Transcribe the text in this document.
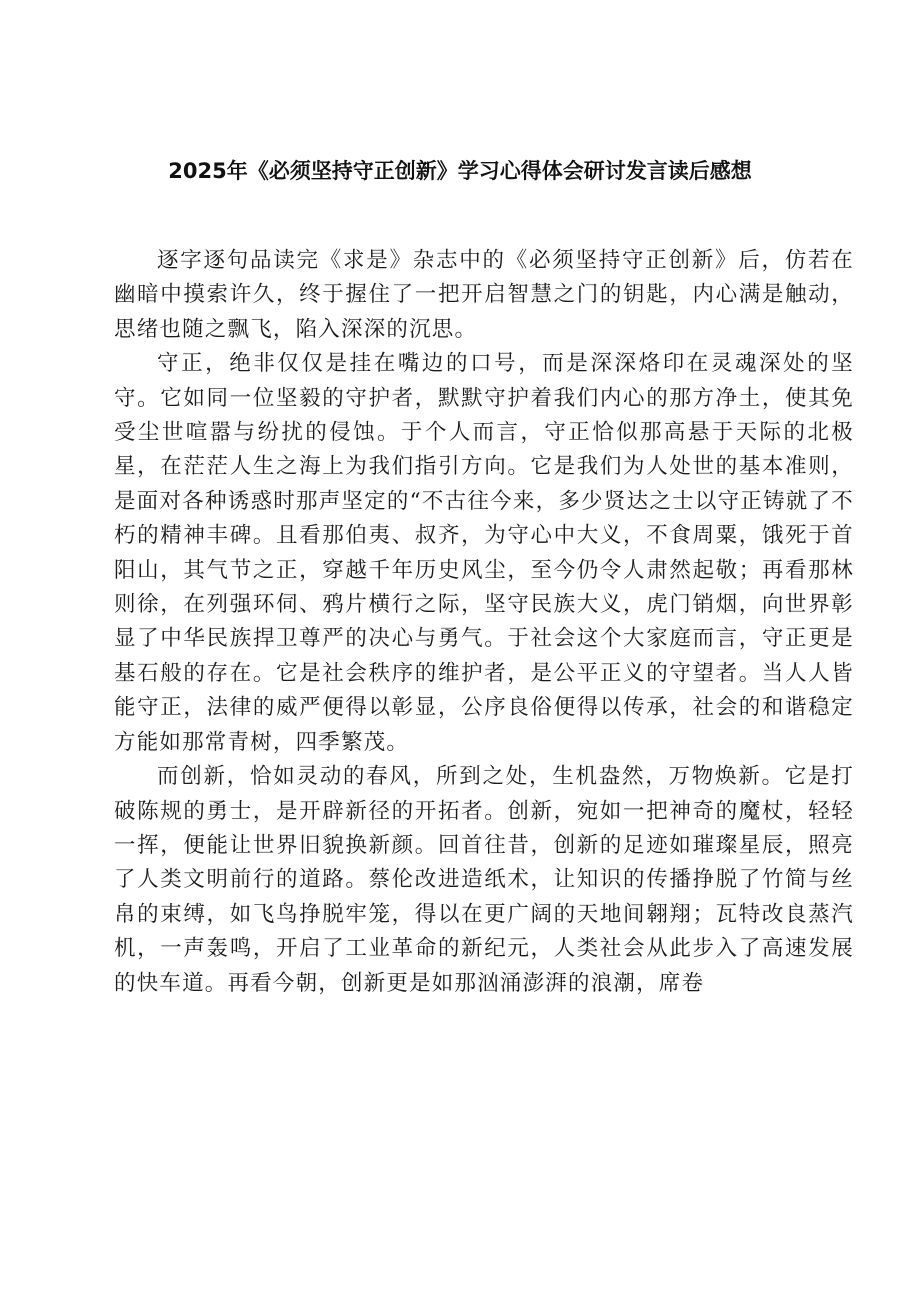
2025年《必须坚持守正创新》学习心得体会研讨发言读后感想

逐字逐句品读完《求是》杂志中的《必须坚持守正创新》后，仿若在幽暗中摸索许久，终于握住了一把开启智慧之门的钥匙，内心满是触动，思绪也随之飘飞，陷入深深的沉思。

守正，绝非仅仅是挂在嘴边的口号，而是深深烙印在灵魂深处的坚守。它如同一位坚毅的守护者，默默守护着我们内心的那方净土，使其免受尘世喧嚣与纷扰的侵蚀。于个人而言，守正恰似那高悬于天际的北极星，在茫茫人生之海上为我们指引方向。它是我们为人处世的基本准则，是面对各种诱惑时那声坚定的“不古往今来，多少贤达之士以守正铸就了不朽的精神丰碑。且看那伯夷、叔齐，为守心中大义，不食周粟，饿死于首阳山，其气节之正，穿越千年历史风尘，至今仍令人肃然起敬；再看那林则徐，在列强环伺、鸦片横行之际，坚守民族大义，虎门销烟，向世界彰显了中华民族捍卫尊严的决心与勇气。于社会这个大家庭而言，守正更是基石般的存在。它是社会秩序的维护者，是公平正义的守望者。当人人皆能守正，法律的威严便得以彰显，公序良俗便得以传承，社会的和谐稳定方能如那常青树，四季繁茂。

而创新，恰如灵动的春风，所到之处，生机盎然，万物焕新。它是打破陈规的勇士，是开辟新径的开拓者。创新，宛如一把神奇的魔杖，轻轻一挥，便能让世界旧貌换新颜。回首往昔，创新的足迹如璀璨星辰，照亮了人类文明前行的道路。蔡伦改进造纸术，让知识的传播挣脱了竹简与丝帛的束缚，如飞鸟挣脱牢笼，得以在更广阔的天地间翱翔；瓦特改良蒸汽机，一声轰鸣，开启了工业革命的新纪元，人类社会从此步入了高速发展的快车道。再看今朝，创新更是如那汹涌澎湃的浪潮，席卷
